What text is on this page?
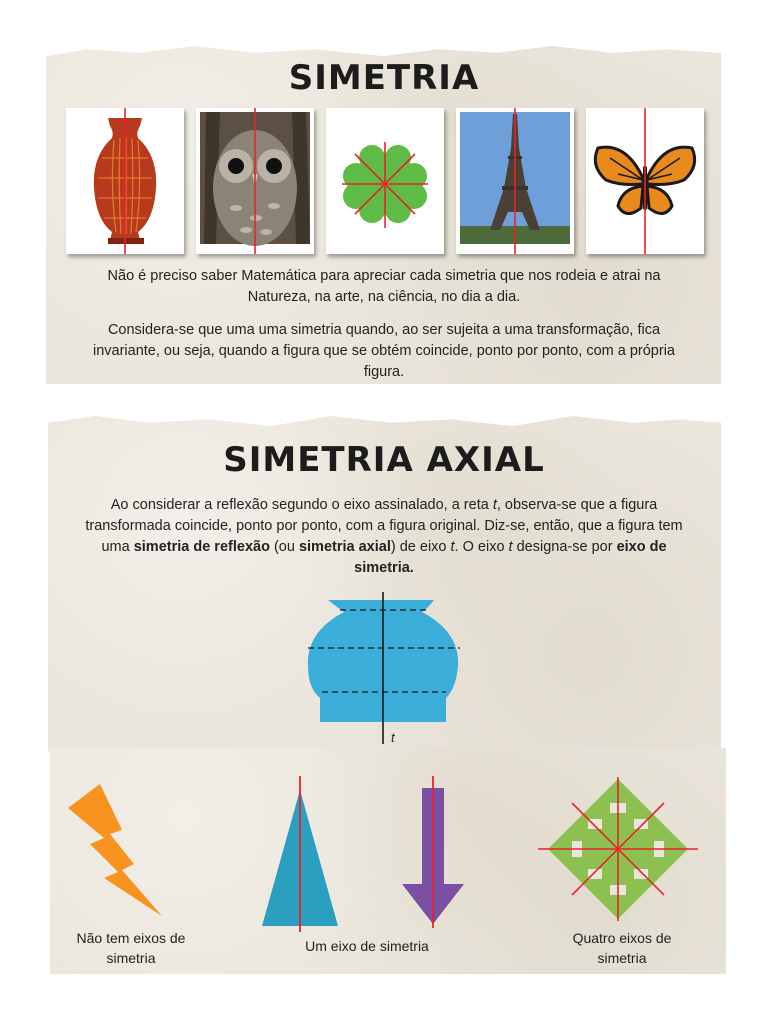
SIMETRIA
Não é preciso saber Matemática para apreciar cada simetria que nos rodeia e atrai na Natureza, na arte, na ciência, no dia a dia.
Considera-se que uma uma simetria quando, ao ser sujeita a uma transformação, fica invariante, ou seja, quando a figura que se obtém coincide, ponto por ponto, com a própria figura.
SIMETRIA AXIAL
Ao considerar a reflexão segundo o eixo assinalado, a reta t, observa-se que a figura transformada coincide, ponto por ponto, com a figura original. Diz-se, então, que a figura tem uma simetria de reflexão (ou simetria axial) de eixo t. O eixo t designa-se por eixo de simetria.
t
Não tem eixos de simetria
Um eixo de simetria	Quatro eixos de simetria
